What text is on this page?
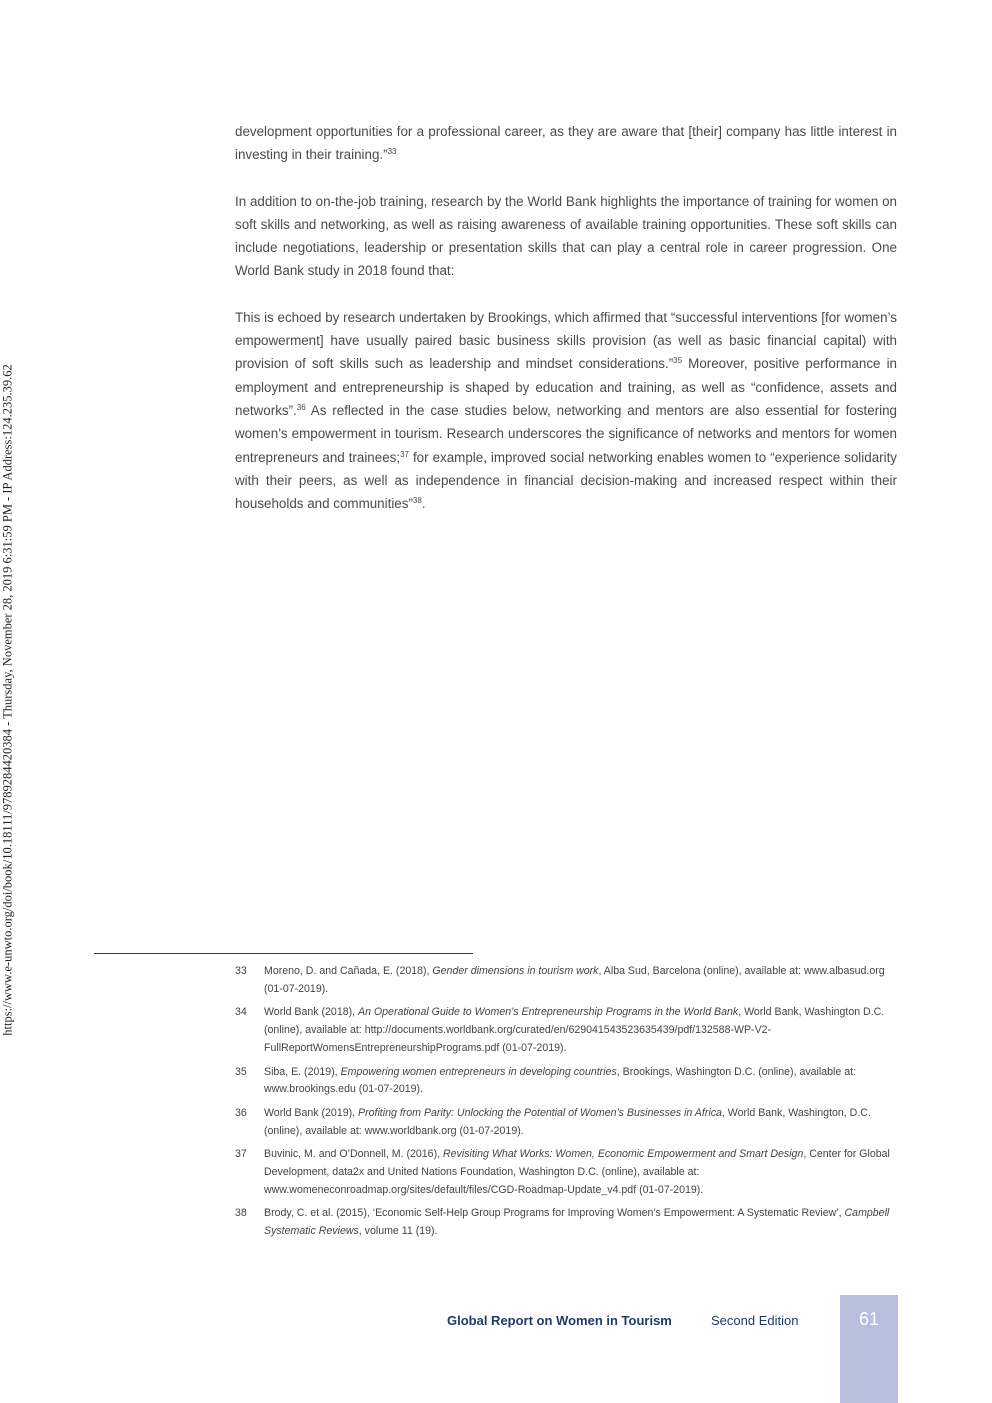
https://www.e-unwto.org/doi/book/10.18111/9789284420384 - Thursday, November 28, 2019 6:31:59 PM - IP Address:124.235.39.62

development opportunities for a professional career, as they are aware that [their] company has little interest in investing in their training.”$^{33}$

In addition to on-the-job training, research by the World Bank highlights the importance of training for women on soft skills and networking, as well as raising awareness of available training opportunities. These soft skills can include negotiations, leadership or presentation skills that can play a central role in career progression. One World Bank study in 2018 found that:

This is echoed by research undertaken by Brookings, which affirmed that “successful interventions [for women’s empowerment] have usually paired basic business skills provision (as well as basic financial capital) with provision of soft skills such as leadership and mindset considerations.”$^{35}$ Moreover, positive performance in employment and entrepreneurship is shaped by education and training, as well as “confidence, assets and networks”.$^{36}$ As reflected in the case studies below, networking and mentors are also essential for fostering women’s empowerment in tourism. Research underscores the significance of networks and mentors for women entrepreneurs and trainees;$^{37}$ for example, improved social networking enables women to “experience solidarity with their peers, as well as independence in financial decision-making and increased respect within their households and communities”$^{38}$.

33	Moreno, D. and Cañada, E. (2018), Gender dimensions in tourism work, Alba Sud, Barcelona (online), available at: www.albasud.org (01-07-2019).
34	World Bank (2018), An Operational Guide to Women’s Entrepreneurship Programs in the World Bank, World Bank, Washington D.C. (online), available at: http://documents.worldbank.org/curated/en/629041543523635439/pdf/132588-WP-V2-FullReportWomensEntrepreneurshipPrograms.pdf (01-07-2019).
35	Siba, E. (2019), Empowering women entrepreneurs in developing countries, Brookings, Washington D.C. (online), available at: www.brookings.edu (01-07-2019).
36	World Bank (2019), Profiting from Parity: Unlocking the Potential of Women’s Businesses in Africa, World Bank, Washington, D.C. (online), available at: www.worldbank.org (01-07-2019).
37	Buvinic, M. and O’Donnell, M. (2016), Revisiting What Works: Women, Economic Empowerment and Smart Design, Center for Global Development, data2x and United Nations Foundation, Washington D.C. (online), available at: www.womeneconroadmap.org/sites/default/files/CGD-Roadmap-Update_v4.pdf (01-07-2019).
38	Brody, C. et al. (2015), ‘Economic Self-Help Group Programs for Improving Women’s Empowerment: A Systematic Review’, Campbell Systematic Reviews, volume 11 (19).
Global Report on Women in Tourism	Second Edition	61
